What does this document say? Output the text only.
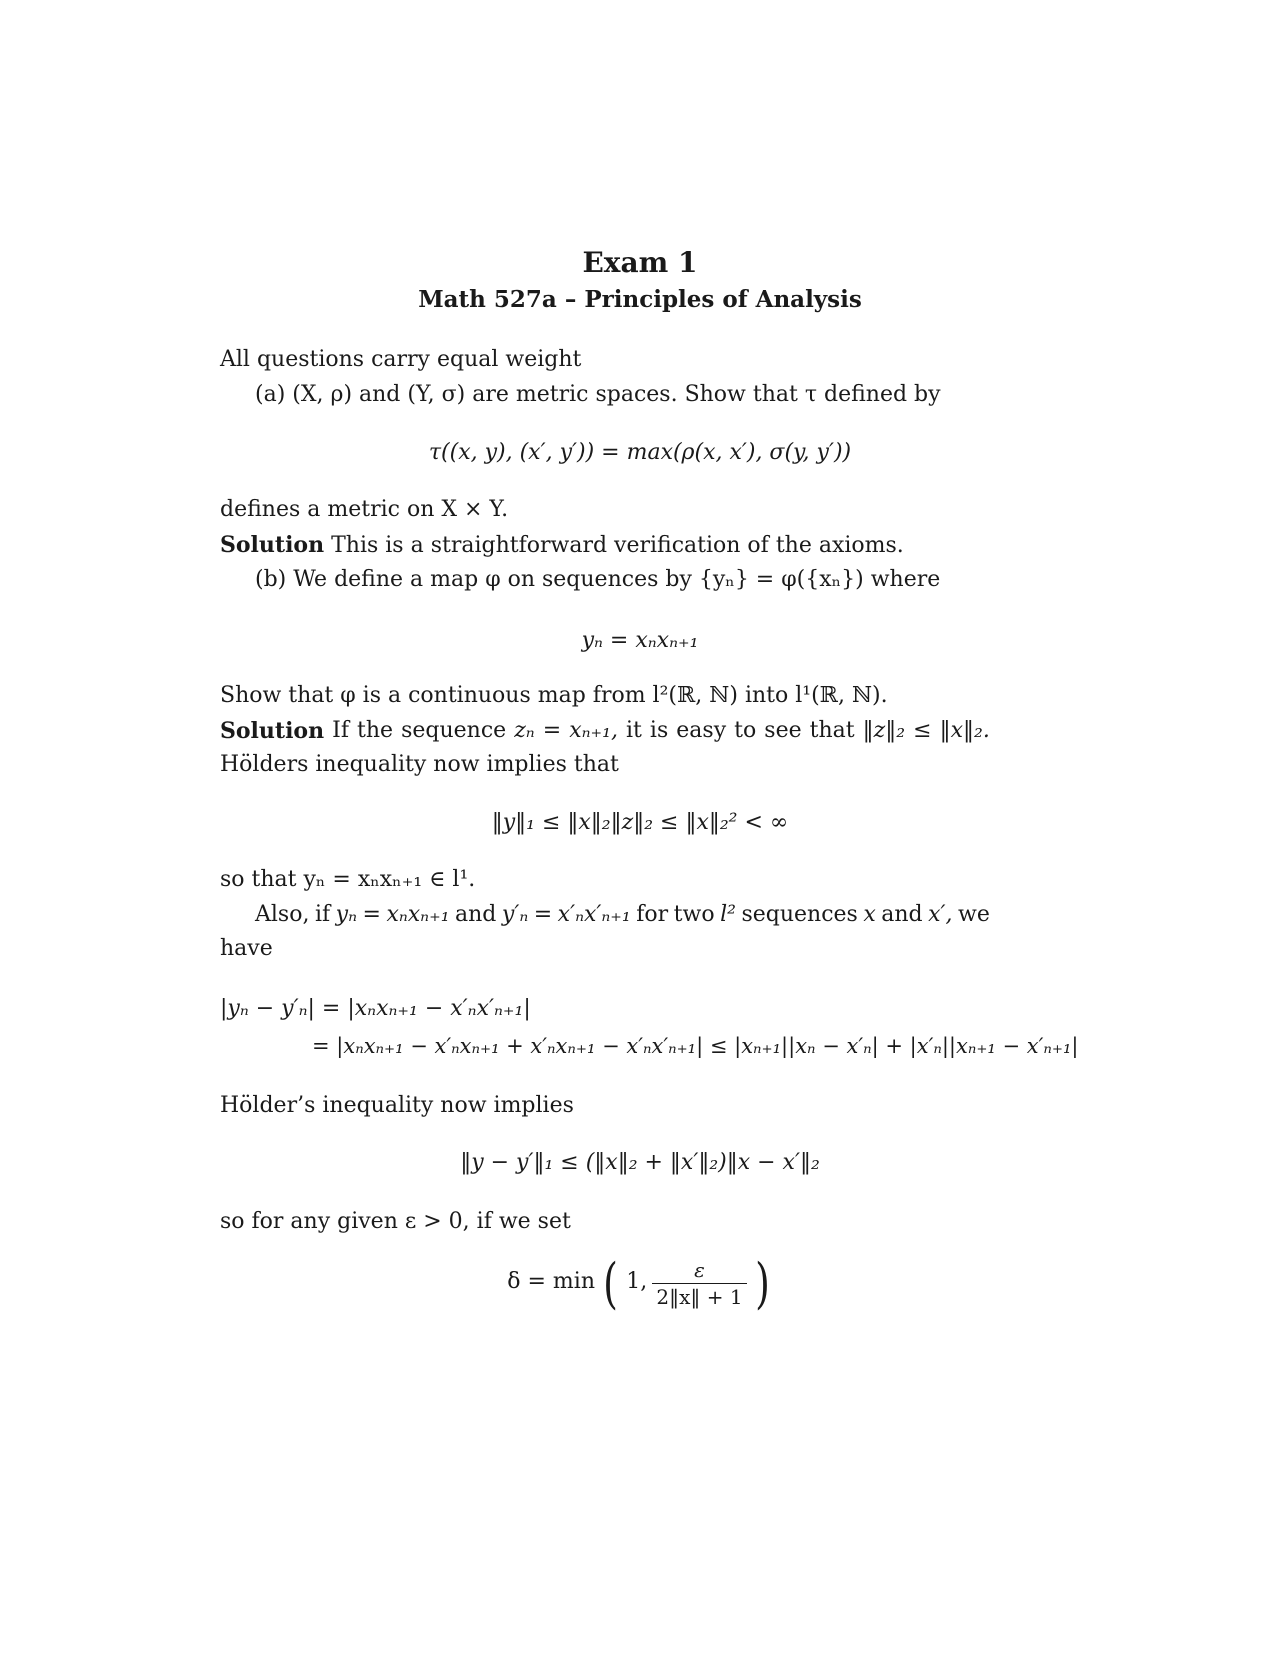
Exam 1
Math 527a – Principles of Analysis
All questions carry equal weight
(a) (X, ρ) and (Y, σ) are metric spaces. Show that τ defined by
τ((x, y), (x′, y′)) = max(ρ(x, x′), σ(y, y′))
defines a metric on X × Y.
Solution This is a straightforward verification of the axioms.
(b) We define a map φ on sequences by {yₙ} = φ({xₙ}) where
yₙ = xₙxₙ₊₁
Show that φ is a continuous map from l²(ℝ, ℕ) into l¹(ℝ, ℕ).
Solution If the sequence zₙ = xₙ₊₁, it is easy to see that ‖z‖₂ ≤ ‖x‖₂.
Hölders inequality now implies that
‖y‖₁ ≤ ‖x‖₂‖z‖₂ ≤ ‖x‖₂² < ∞
so that yₙ = xₙxₙ₊₁ ∈ l¹.
Also, if yₙ = xₙxₙ₊₁ and y′ₙ = x′ₙx′ₙ₊₁ for two l² sequences x and x′, we
have
|yₙ − y′ₙ| = |xₙxₙ₊₁ − x′ₙx′ₙ₊₁|
= |xₙxₙ₊₁ − x′ₙxₙ₊₁ + x′ₙxₙ₊₁ − x′ₙx′ₙ₊₁| ≤ |xₙ₊₁||xₙ − x′ₙ| + |x′ₙ||xₙ₊₁ − x′ₙ₊₁|
Hölder’s inequality now implies
‖y − y′‖₁ ≤ (‖x‖₂ + ‖x′‖₂)‖x − x′‖₂
so for any given ε > 0, if we set
δ = min ( 1, $\frac{\varepsilon}{2‖x‖ + 1}$ )
